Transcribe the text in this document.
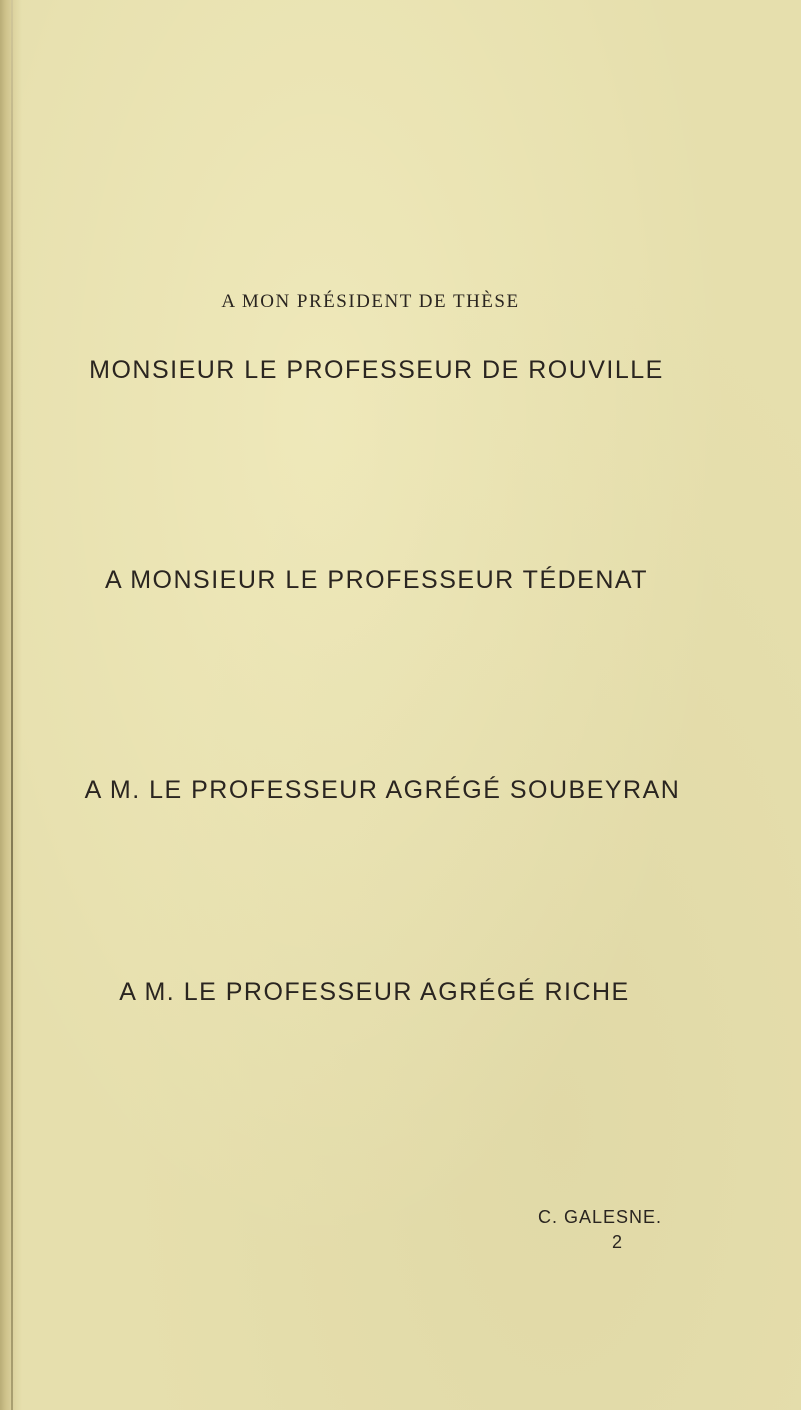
A MON PRÉSIDENT DE THÈSE
MONSIEUR LE PROFESSEUR DE ROUVILLE
A MONSIEUR LE PROFESSEUR TÉDENAT
A M. LE PROFESSEUR AGRÉGÉ SOUBEYRAN
A M. LE PROFESSEUR AGRÉGÉ RICHE
C. GALESNE.
2
